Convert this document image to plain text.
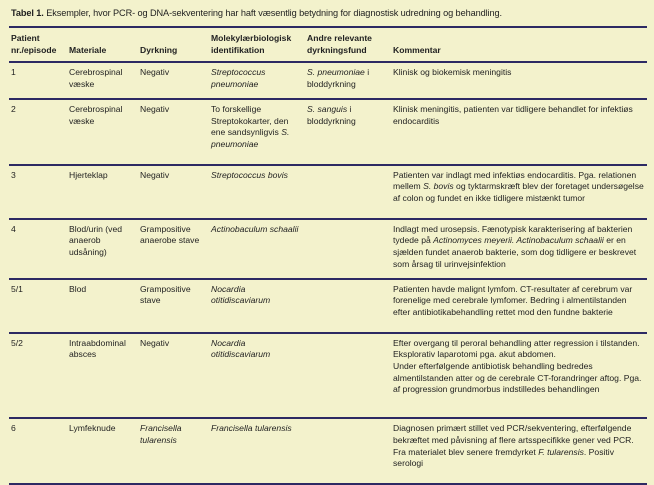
Tabel 1. Eksempler, hvor PCR- og DNA-sekventering har haft væsentlig betydning for diagnostisk udredning og behandling.
Patient nr./episode	Materiale	Dyrkning	Molekylærbiologisk identifikation	Andre relevante dyrkningsfund	Kommentar
1	Cerebrospinal væske	Negativ	Streptococcus pneumoniae	S. pneumoniae i bloddyrkning	Klinisk og biokemisk meningitis
2	Cerebrospinal væske	Negativ	To forskellige Streptokokarter, den ene sandsynligvis S. pneumoniae	S. sanguis i bloddyrkning	Klinisk meningitis, patienten var tidligere behandlet for infektiøs endocarditis
3	Hjerteklap	Negativ	Streptococcus bovis		Patienten var indlagt med infektiøs endocarditis. Pga. relationen mellem S. bovis og tyktarmskræft blev der foretaget undersøgelse af colon og fundet en ikke tidligere mistænkt tumor
4	Blod/urin (ved anaerob udsåning)	Grampositive anaerobe stave	Actinobaculum schaalii		Indlagt med urosepsis. Fænotypisk karakterisering af bakterien tydede på Actinomyces meyerii. Actinobaculum schaalii er en sjælden fundet anaerob bakterie, som dog tidligere er beskrevet som årsag til urinvejsinfektion
5/1	Blod	Grampositive stave	Nocardia otitidiscaviarum		Patienten havde malignt lymfom. CT-resultater af cerebrum var forenelige med cerebrale lymfomer. Bedring i almentilstanden efter antibiotikabehandling rettet mod den fundne bakterie
5/2	Intraabdominal absces	Negativ	Nocardia otitidiscaviarum		Efter overgang til peroral behandling atter regression i tilstanden.
Eksplorativ laparotomi pga. akut abdomen.
Under efterfølgende antibiotisk behandling bedredes almentilstanden atter og de cerebrale CT-forandringer aftog. Pga. af progression grundmorbus indstilledes behandlingen

6	Lymfeknude	Francisella tularensis	Francisella tularensis		Diagnosen primært stillet ved PCR/sekventering, efterfølgende bekræftet med påvisning af flere artsspecifikke gener ved PCR. Fra materialet blev senere fremdyrket F. tularensis. Positiv serologi
